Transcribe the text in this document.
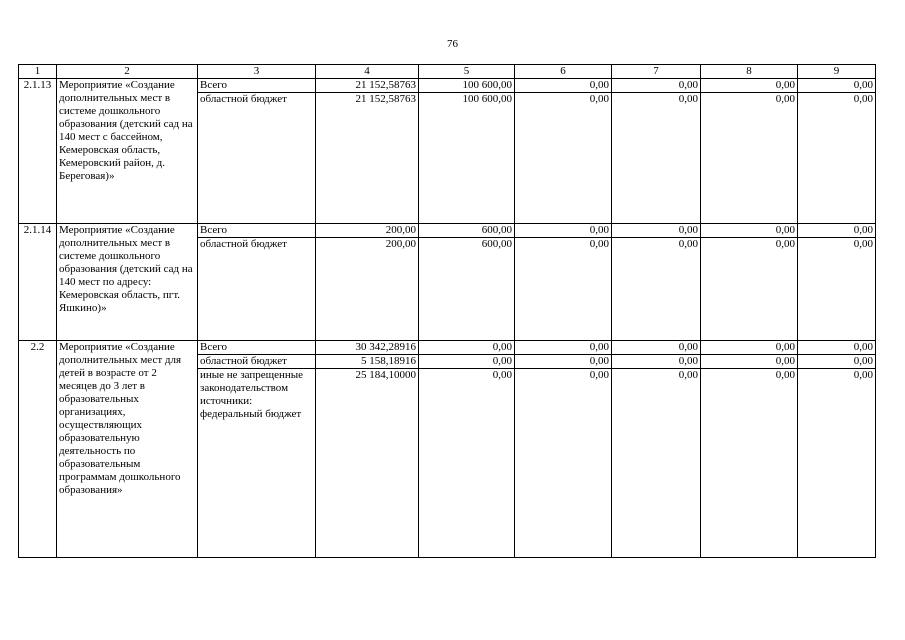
76
1	2	3	4	5	6	7	8	9
2.1.13	Мероприятие «Создание дополнительных мест в системе дошкольного образования (детский сад на 140 мест с бассейном, Кемеровская область, Кемеровский район, д. Береговая)»	Всего	21 152,58763	100 600,00	0,00	0,00	0,00	0,00
		областной бюджет	21 152,58763	100 600,00	0,00	0,00	0,00	0,00
2.1.14	Мероприятие «Создание дополнительных мест в системе дошкольного образования (детский сад на 140 мест по адресу: Кемеровская область, пгт. Яшкино)»	Всего	200,00	600,00	0,00	0,00	0,00	0,00
		областной бюджет	200,00	600,00	0,00	0,00	0,00	0,00
2.2	Мероприятие «Создание дополнительных мест для детей в возрасте от 2 месяцев до 3 лет в образовательных организациях, осуществляющих образовательную деятельность по образовательным программам дошкольного образования»	Всего	30 342,28916	0,00	0,00	0,00	0,00	0,00
		областной бюджет	5 158,18916	0,00	0,00	0,00	0,00	0,00
		иные не запрещенные законодательством источники: федеральный бюджет	25 184,10000	0,00	0,00	0,00	0,00	0,00
